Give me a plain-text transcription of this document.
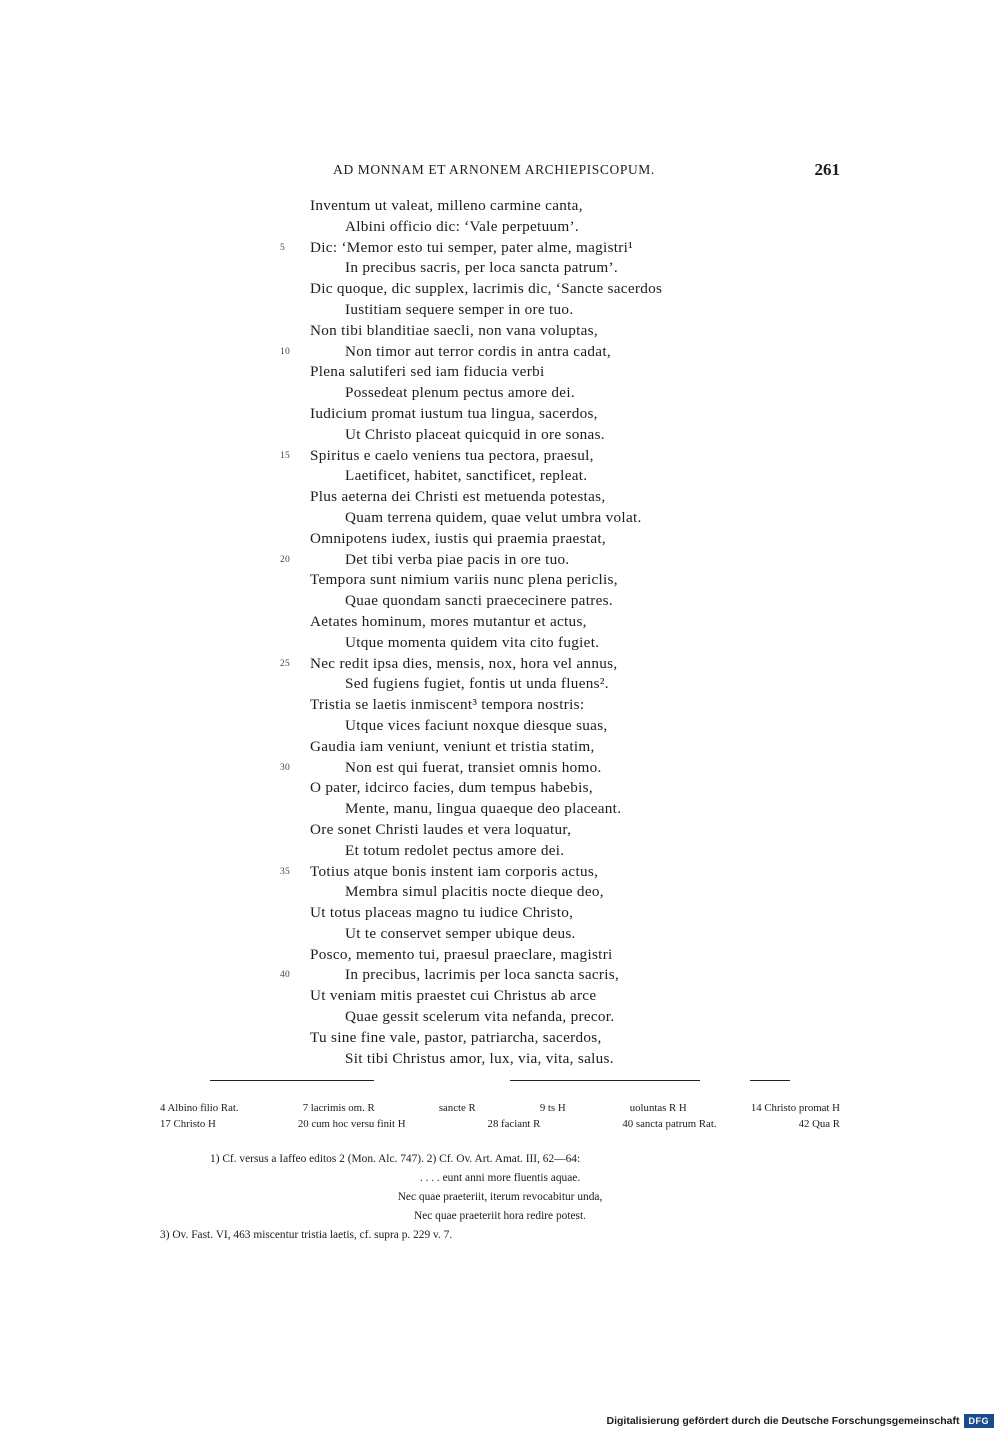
AD MONNAM ET ARNONEM ARCHIEPISCOPUM.	261
Inventum ut valeat, milleno carmine canta,
Albini officio dic: ‘Vale perpetuum’.
5	Dic: ‘Memor esto tui semper, pater alme, magistri¹
In precibus sacris, per loca sancta patrum’.
Dic quoque, dic supplex, lacrimis dic, ‘Sancte sacerdos
Iustitiam sequere semper in ore tuo.
Non tibi blanditiae saecli, non vana voluptas,
10	Non timor aut terror cordis in antra cadat,
Plena salutiferi sed iam fiducia verbi
Possedeat plenum pectus amore dei.
Iudicium promat iustum tua lingua, sacerdos,
Ut Christo placeat quicquid in ore sonas.
15	Spiritus e caelo veniens tua pectora, praesul,
Laetificet, habitet, sanctificet, repleat.
Plus aeterna dei Christi est metuenda potestas,
Quam terrena quidem, quae velut umbra volat.
Omnipotens iudex, iustis qui praemia praestat,
20	Det tibi verba piae pacis in ore tuo.
Tempora sunt nimium variis nunc plena periclis,
Quae quondam sancti praececinere patres.
Aetates hominum, mores mutantur et actus,
Utque momenta quidem vita cito fugiet.
25	Nec redit ipsa dies, mensis, nox, hora vel annus,
Sed fugiens fugiet, fontis ut unda fluens².
Tristia se laetis inmiscent³ tempora nostris:
Utque vices faciunt noxque diesque suas,
Gaudia iam veniunt, veniunt et tristia statim,
30	Non est qui fuerat, transiet omnis homo.
O pater, idcirco facies, dum tempus habebis,
Mente, manu, lingua quaeque deo placeant.
Ore sonet Christi laudes et vera loquatur,
Et totum redolet pectus amore dei.
35	Totius atque bonis instent iam corporis actus,
Membra simul placitis nocte dieque deo,
Ut totus placeas magno tu iudice Christo,
Ut te conservet semper ubique deus.
Posco, memento tui, praesul praeclare, magistri
40	In precibus, lacrimis per loca sancta sacris,
Ut veniam mitis praestet cui Christus ab arce
Quae gessit scelerum vita nefanda, precor.
Tu sine fine vale, pastor, patriarcha, sacerdos,
Sit tibi Christus amor, lux, via, vita, salus.
4 Albino filio Rat.	7 lacrimis om. R	sancte R	9 ts H	uoluntas R H	14 Christo promat H
17 Christo H	20 cum hoc versu finit H	28 faciant R	40 sancta patrum Rat.	42 Qua R
1) Cf. versus a Iaffeo editos 2 (Mon. Alc. 747). 2) Cf. Ov. Art. Amat. III, 62—64:
. . . . eunt anni more fluentis aquae.
Nec quae praeteriit, iterum revocabitur unda,
Nec quae praeteriit hora redire potest.
3) Ov. Fast. VI, 463 miscentur tristia laetis, cf. supra p. 229 v. 7.
Digitalisierung gefördert durch die Deutsche Forschungsgemeinschaft	DFG
